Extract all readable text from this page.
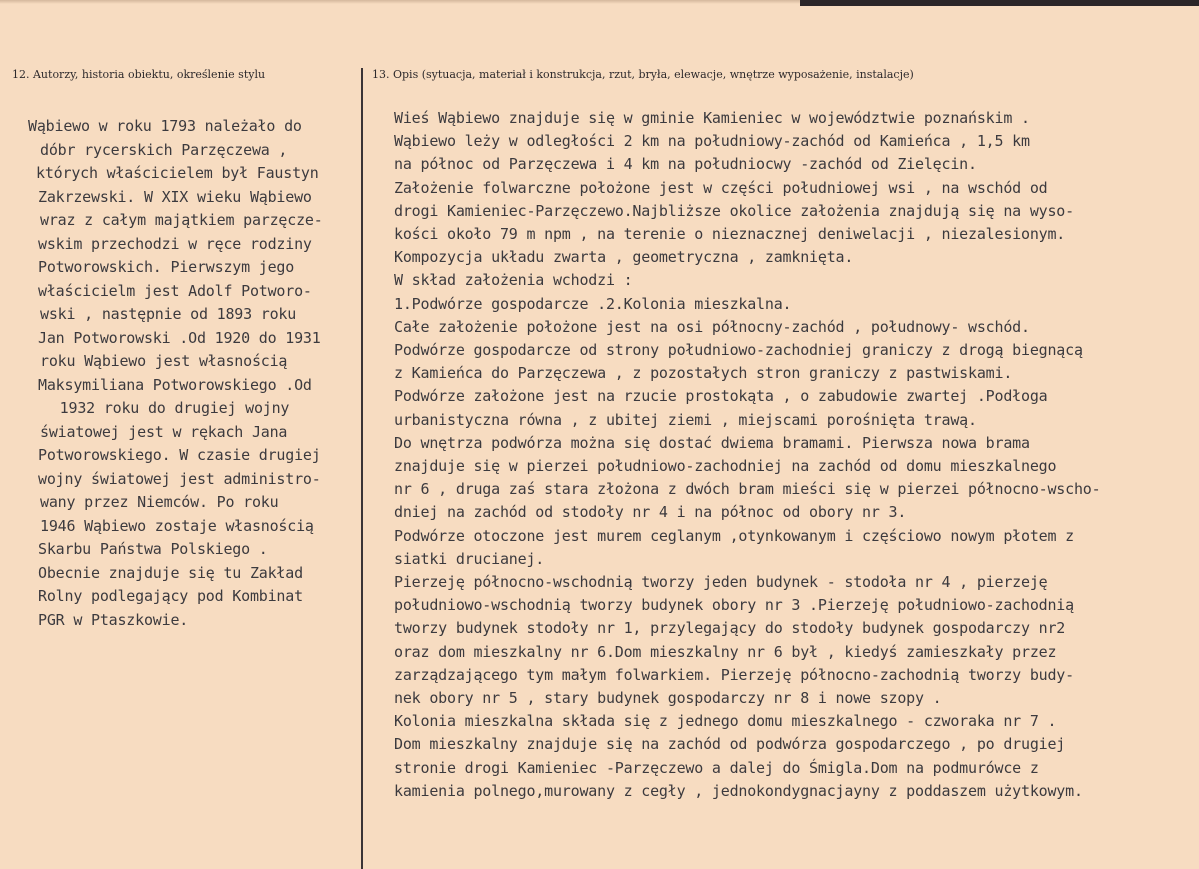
12. Autorzy, historia obiektu, określenie stylu	13. Opis (sytuacja, materiał i konstrukcja, rzut, bryła, elewacje, wnętrze wyposażenie, instalacje)
Wąbiewo w roku 1793 należało do
dóbr rycerskich Parzęczewa ,
których właścicielem był Faustyn
Zakrzewski. W XIX wieku Wąbiewo
wraz z całym majątkiem parzęcze-
wskim przechodzi w ręce rodziny
Potworowskich. Pierwszym jego
właścicielm jest Adolf Potworo-
wski , następnie od 1893 roku
Jan Potworowski .Od 1920 do 1931
roku Wąbiewo jest własnością
Maksymiliana Potworowskiego .Od
1932 roku do drugiej wojny
światowej jest w rękach Jana
Potworowskiego. W czasie drugiej
wojny światowej jest administro-
wany przez Niemców. Po roku
1946 Wąbiewo zostaje własnością
Skarbu Państwa Polskiego .
Obecnie znajduje się tu Zakład
Rolny podlegający pod Kombinat
PGR w Ptaszkowie.
Wieś Wąbiewo znajduje się w gminie Kamieniec w województwie poznańskim .
Wąbiewo leży w odległości 2 km na południowy-zachód od Kamieńca , 1,5 km
na północ od Parzęczewa i 4 km na południocwy -zachód od Zielęcin.
Założenie folwarczne położone jest w części południowej wsi , na wschód od
drogi Kamieniec-Parzęczewo.Najbliższe okolice założenia znajdują się na wyso-
kości około 79 m npm , na terenie o nieznacznej deniwelacji , niezalesionym.
Kompozycja układu zwarta , geometryczna , zamknięta.
W skład założenia wchodzi :
1.Podwórze gospodarcze .2.Kolonia mieszkalna.
Całe założenie położone jest na osi północny-zachód , połudnowy- wschód.
Podwórze gospodarcze od strony południowo-zachodniej graniczy z drogą biegnącą
z Kamieńca do Parzęczewa , z pozostałych stron graniczy z pastwiskami.
Podwórze założone jest na rzucie prostokąta , o zabudowie zwartej .Podłoga
urbanistyczna równa , z ubitej ziemi , miejscami porośnięta trawą.
Do wnętrza podwórza można się dostać dwiema bramami. Pierwsza nowa brama
znajduje się w pierzei południowo-zachodniej na zachód od domu mieszkalnego
nr 6 , druga zaś stara złożona z dwóch bram mieści się w pierzei północno-wscho-
dniej na zachód od stodoły nr 4 i na północ od obory nr 3.
Podwórze otoczone jest murem ceglanym ,otynkowanym i częściowo nowym płotem z
siatki drucianej.
Pierzeję północno-wschodnią tworzy jeden budynek - stodoła nr 4 , pierzeję
południowo-wschodnią tworzy budynek obory nr 3 .Pierzeję południowo-zachodnią
tworzy budynek stodoły nr 1, przylegający do stodoły budynek gospodarczy nr2
oraz dom mieszkalny nr 6.Dom mieszkalny nr 6 był , kiedyś zamieszkały przez
zarządzającego tym małym folwarkiem. Pierzeję północno-zachodnią tworzy budy-
nek obory nr 5 , stary budynek gospodarczy nr 8 i nowe szopy .
Kolonia mieszkalna składa się z jednego domu mieszkalnego - czworaka nr 7 .
Dom mieszkalny znajduje się na zachód od podwórza gospodarczego , po drugiej
stronie drogi Kamieniec -Parzęczewo a dalej do Śmigla.Dom na podmurówce z
kamienia polnego,murowany z cegły , jednokondygnacjayny z poddaszem użytkowym.
